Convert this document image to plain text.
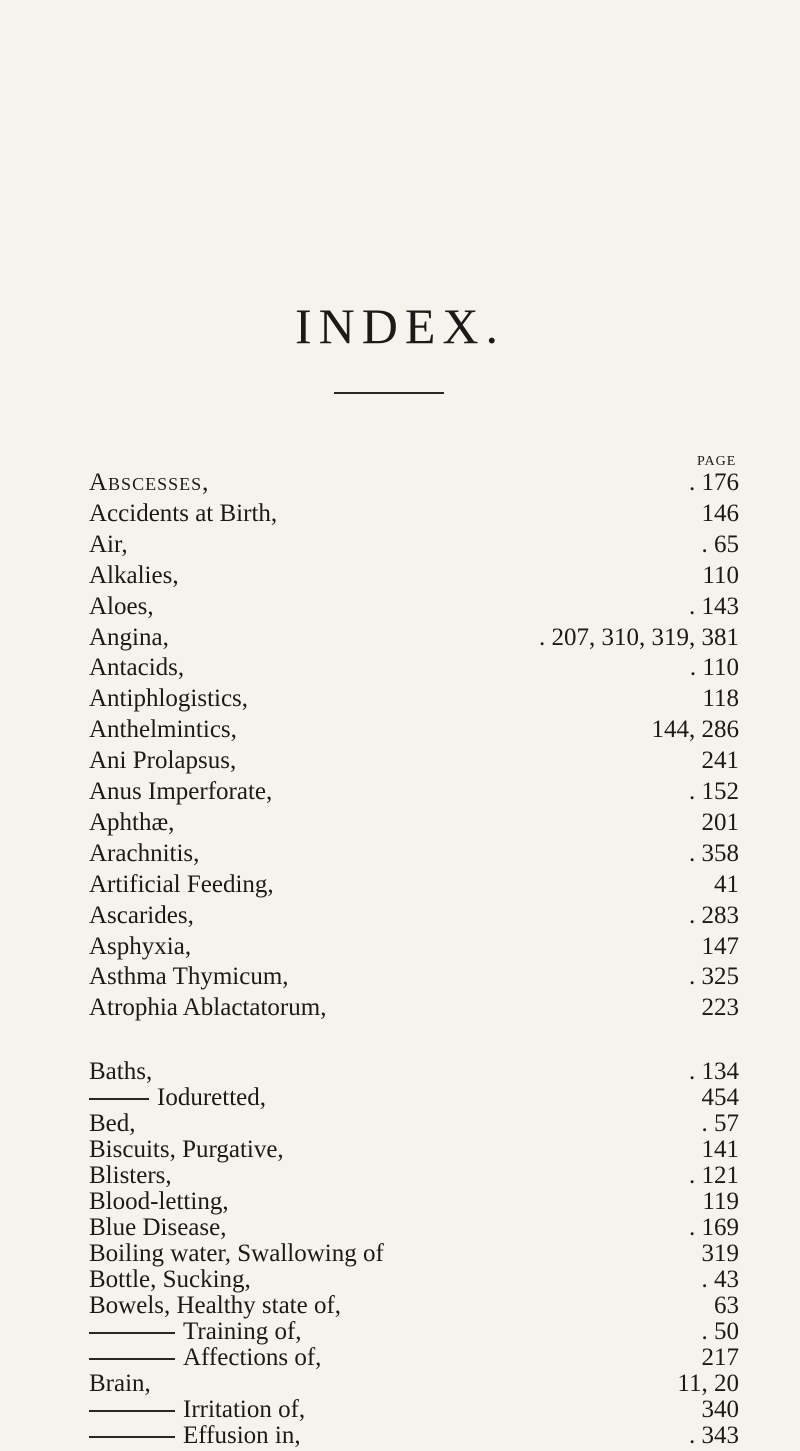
INDEX.
PAGE
Abscesses,	. 176
Accidents at Birth,	146
Air,	. 65
Alkalies,	110
Aloes,	. 143
Angina,	. 207, 310, 319, 381
Antacids,	. 110
Antiphlogistics,	118
Anthelmintics,	144, 286
Ani Prolapsus,	241
Anus Imperforate,	. 152
Aphthæ,	201
Arachnitis,	. 358
Artificial Feeding,	41
Ascarides,	. 283
Asphyxia,	147
Asthma Thymicum,	. 325
Atrophia Ablactatorum,	223
Baths,	. 134
Ioduretted,	454
Bed,	. 57
Biscuits, Purgative,	141
Blisters,	. 121
Blood-letting,	119
Blue Disease,	. 169
Boiling water, Swallowing of	319
Bottle, Sucking,	. 43
Bowels, Healthy state of,	63
Training of,	. 50
Affections of,	217
Brain,	11, 20
Irritation of,	340
Effusion in,	. 343
